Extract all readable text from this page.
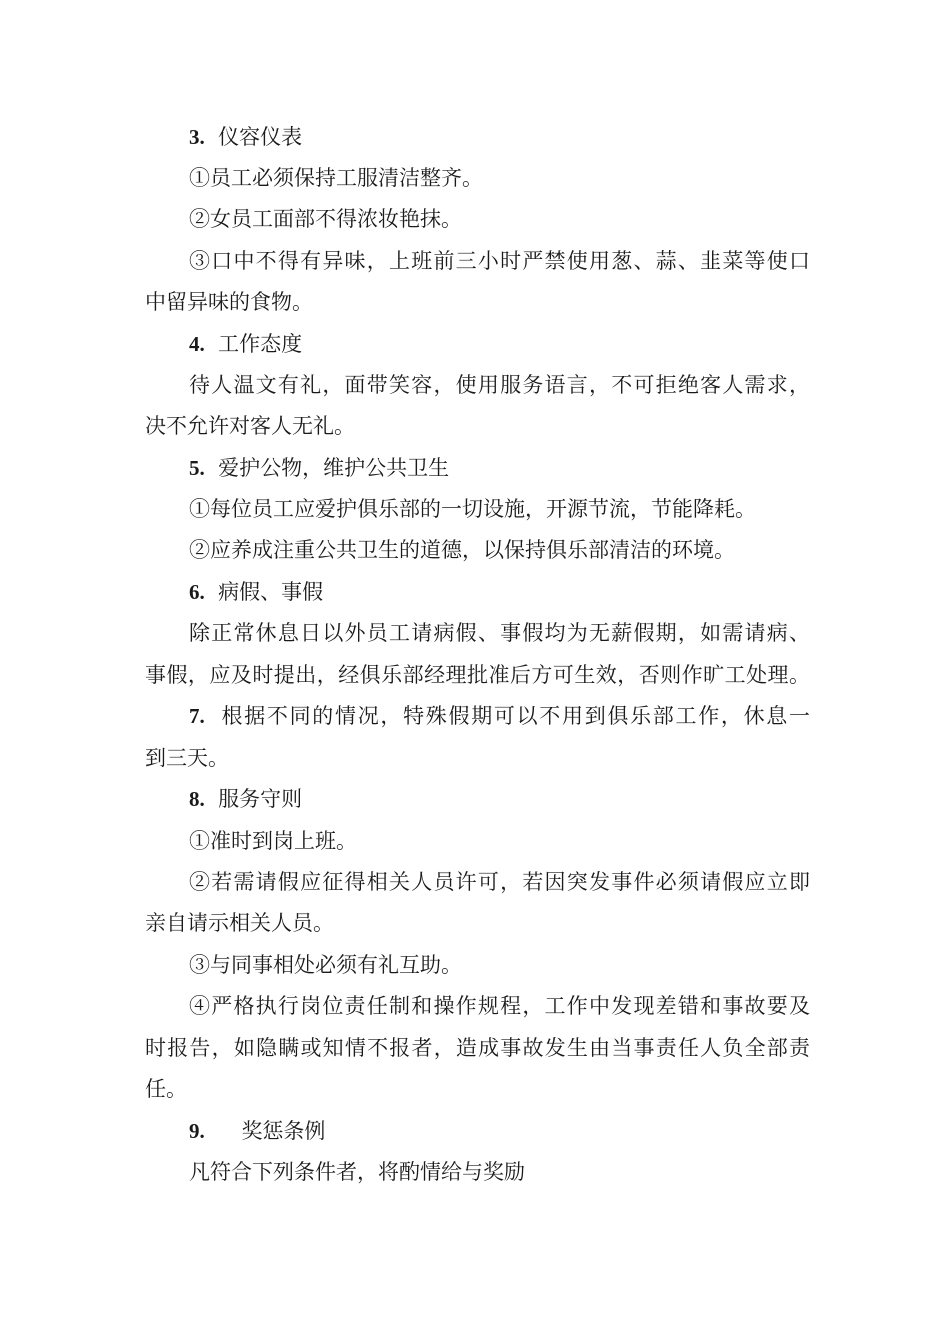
3. 仪容仪表
①员工必须保持工服清洁整齐。
②女员工面部不得浓妆艳抹。
③口中不得有异味，上班前三小时严禁使用葱、蒜、韭菜等使口
中留异味的食物。
4. 工作态度
待人温文有礼，面带笑容，使用服务语言，不可拒绝客人需求，
决不允许对客人无礼。
5. 爱护公物，维护公共卫生
①每位员工应爱护俱乐部的一切设施，开源节流，节能降耗。
②应养成注重公共卫生的道德，以保持俱乐部清洁的环境。
6. 病假、事假
除正常休息日以外员工请病假、事假均为无薪假期，如需请病、
事假，应及时提出，经俱乐部经理批准后方可生效，否则作旷工处理。
7. 根据不同的情况，特殊假期可以不用到俱乐部工作，休息一
到三天。
8. 服务守则
①准时到岗上班。
②若需请假应征得相关人员许可，若因突发事件必须请假应立即
亲自请示相关人员。
③与同事相处必须有礼互助。
④严格执行岗位责任制和操作规程，工作中发现差错和事故要及
时报告，如隐瞒或知情不报者，造成事故发生由当事责任人负全部责
任。
9. 奖惩条例
凡符合下列条件者，将酌情给与奖励
